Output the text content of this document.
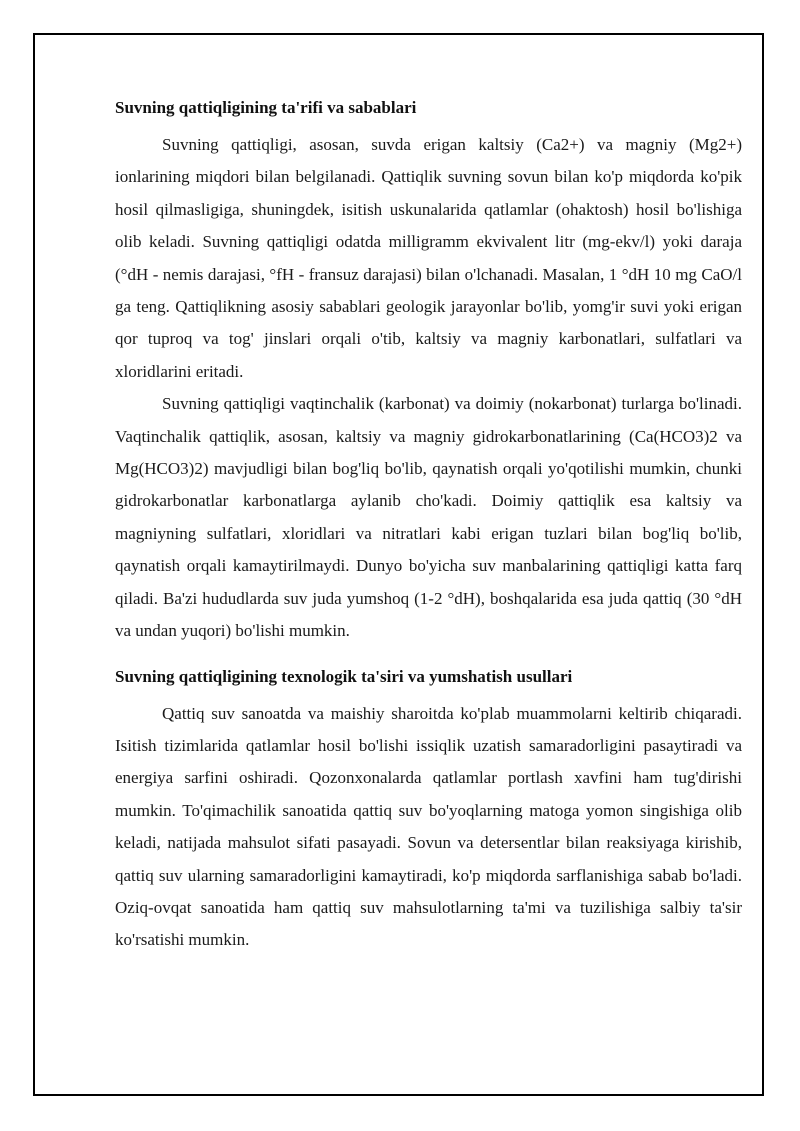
Suvning qattiqligining ta'rifi va sabablari

Suvning qattiqligi, asosan, suvda erigan kaltsiy (Ca2+) va magniy (Mg2+) ionlarining miqdori bilan belgilanadi. Qattiqlik suvning sovun bilan ko'p miqdorda ko'pik hosil qilmasligiga, shuningdek, isitish uskunalarida qatlamlar (ohaktosh) hosil bo'lishiga olib keladi. Suvning qattiqligi odatda milligramm ekvivalent litr (mg-ekv/l) yoki daraja (°dH - nemis darajasi, °fH - fransuz darajasi) bilan o'lchanadi. Masalan, 1 °dH 10 mg CaO/l ga teng. Qattiqlikning asosiy sabablari geologik jarayonlar bo'lib, yomg'ir suvi yoki erigan qor tuproq va tog' jinslari orqali o'tib, kaltsiy va magniy karbonatlari, sulfatlari va xloridlarini eritadi.

Suvning qattiqligi vaqtinchalik (karbonat) va doimiy (nokarbonat) turlarga bo'linadi. Vaqtinchalik qattiqlik, asosan, kaltsiy va magniy gidrokarbonatlarining (Ca(HCO3)2 va Mg(HCO3)2) mavjudligi bilan bog'liq bo'lib, qaynatish orqali yo'qotilishi mumkin, chunki gidrokarbonatlar karbonatlarga aylanib cho'kadi. Doimiy qattiqlik esa kaltsiy va magniyning sulfatlari, xloridlari va nitratlari kabi erigan tuzlari bilan bog'liq bo'lib, qaynatish orqali kamaytirilmaydi. Dunyo bo'yicha suv manbalarining qattiqligi katta farq qiladi. Ba'zi hududlarda suv juda yumshoq (1-2 °dH), boshqalarida esa juda qattiq (30 °dH va undan yuqori) bo'lishi mumkin.

Suvning qattiqligining texnologik ta'siri va yumshatish usullari

Qattiq suv sanoatda va maishiy sharoitda ko'plab muammolarni keltirib chiqaradi. Isitish tizimlarida qatlamlar hosil bo'lishi issiqlik uzatish samaradorligini pasaytiradi va energiya sarfini oshiradi. Qozonxonalarda qatlamlar portlash xavfini ham tug'dirishi mumkin. To'qimachilik sanoatida qattiq suv bo'yoqlarning matoga yomon singishiga olib keladi, natijada mahsulot sifati pasayadi. Sovun va detersentlar bilan reaksiyaga kirishib, qattiq suv ularning samaradorligini kamaytiradi, ko'p miqdorda sarflanishiga sabab bo'ladi. Oziq-ovqat sanoatida ham qattiq suv mahsulotlarning ta'mi va tuzilishiga salbiy ta'sir ko'rsatishi mumkin.
